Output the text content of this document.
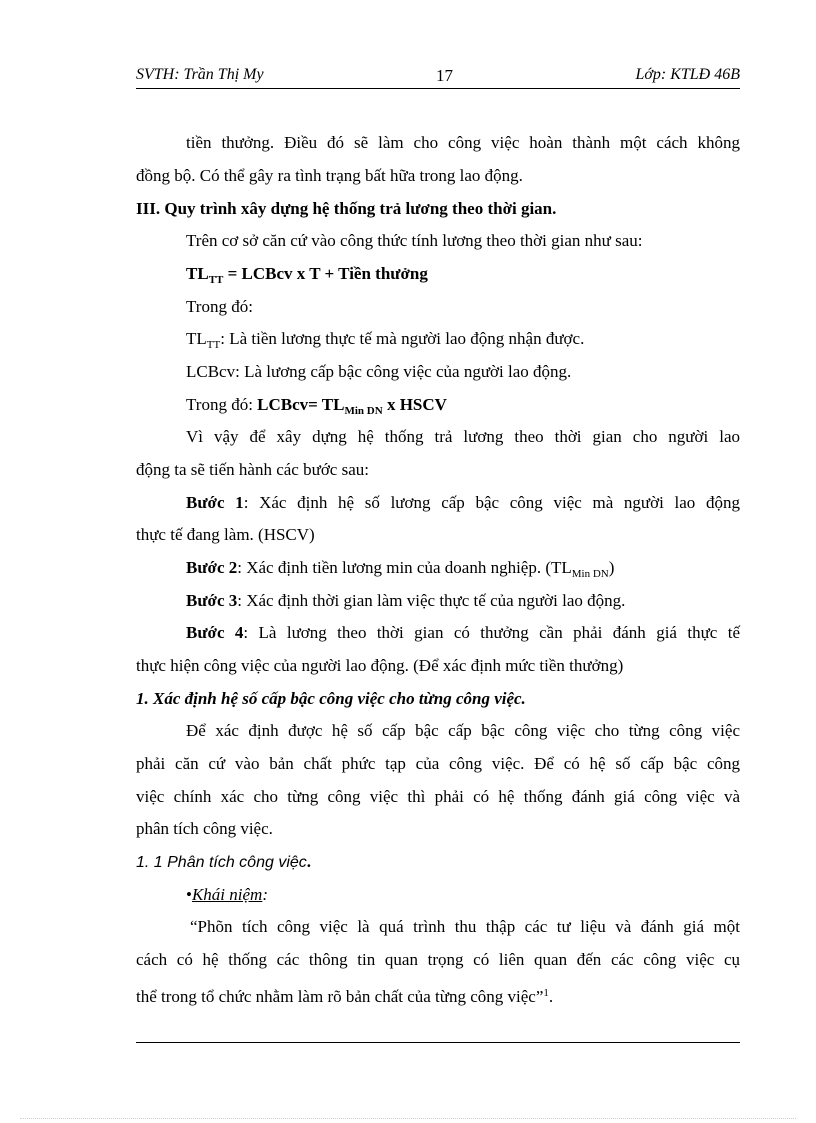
SVTH: Trần Thị My	17	Lớp: KTLĐ 46B
tiền thưởng. Điều đó sẽ làm cho công việc hoàn thành một cách không
đồng bộ. Có thể gây ra tình trạng bất hữa trong lao động.
III. Quy trình xây dựng hệ thống trả lương theo thời gian.
Trên cơ sở căn cứ vào công thức tính lương theo thời gian như sau:
$TL_{TT}$ = LCBcv x T + Tiền thưởng
Trong đó:
$TL_{TT}$: Là tiền lương thực tế mà người lao động nhận được.
LCBcv: Là lương cấp bậc công việc của người lao động.
Trong đó: LCBcv= $TL_{Min DN}$ x HSCV
Vì vậy để xây dựng hệ thống trả lương theo thời gian cho người lao
động ta sẽ tiến hành các bước sau:
Bước 1: Xác định hệ số lương cấp bậc công việc mà người lao động
thực tế đang làm. (HSCV)
Bước 2: Xác định tiền lương min của doanh nghiệp. $(TL_{Min DN})$
Bước 3: Xác định thời gian làm việc thực tế của người lao động.
Bước 4: Là lương theo thời gian có thưởng cần phải đánh giá thực tế
thực hiện công việc của người lao động. (Để xác định mức tiền thưởng)
1. Xác định hệ số cấp bậc công việc cho từng công việc.
Để xác định được hệ số cấp bậc cấp bậc công việc cho từng công việc
phải căn cứ vào bản chất phức tạp của công việc. Để có hệ số cấp bậc công
việc chính xác cho từng công việc thì phải có hệ thống đánh giá công việc và
phân tích công việc.
1. 1 Phân tích công việc.
•Khái niệm:
“Phõn tích công việc là quá trình thu thập các tư liệu và đánh giá một
cách có hệ thống các thông tin quan trọng có liên quan đến các công việc cụ
thể trong tổ chức nhằm làm rõ bản chất của từng công việc”$^1$.
